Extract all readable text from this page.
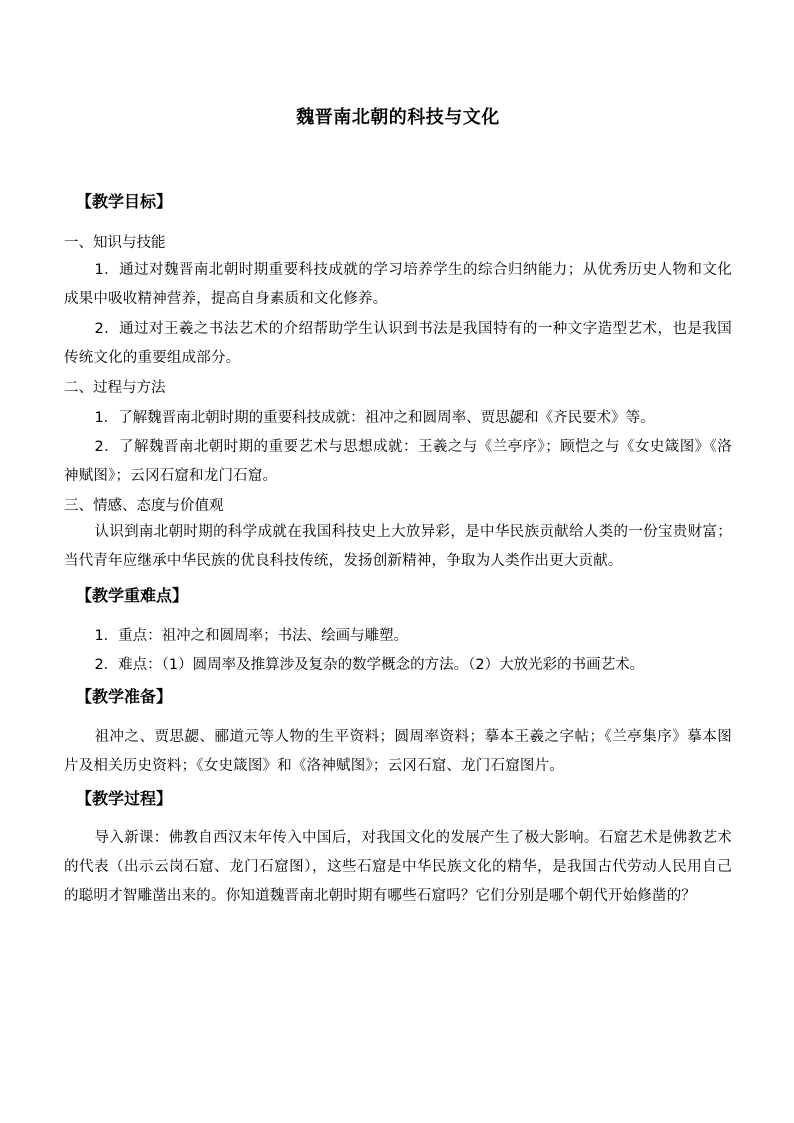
魏晋南北朝的科技与文化
【教学目标】
一、知识与技能
1．通过对魏晋南北朝时期重要科技成就的学习培养学生的综合归纳能力；从优秀历史人物和文化成果中吸收精神营养，提高自身素质和文化修养。
2．通过对王羲之书法艺术的介绍帮助学生认识到书法是我国特有的一种文字造型艺术，也是我国传统文化的重要组成部分。
二、过程与方法
1．了解魏晋南北朝时期的重要科技成就：祖冲之和圆周率、贾思勰和《齐民要术》等。
2．了解魏晋南北朝时期的重要艺术与思想成就：王羲之与《兰亭序》；顾恺之与《女史箴图》《洛神赋图》；云冈石窟和龙门石窟。
三、情感、态度与价值观
认识到南北朝时期的科学成就在我国科技史上大放异彩，是中华民族贡献给人类的一份宝贵财富；当代青年应继承中华民族的优良科技传统，发扬创新精神，争取为人类作出更大贡献。
【教学重难点】
1．重点：祖冲之和圆周率；书法、绘画与雕塑。
2．难点：（1）圆周率及推算涉及复杂的数学概念的方法。（2）大放光彩的书画艺术。
【教学准备】
祖冲之、贾思勰、郦道元等人物的生平资料；圆周率资料；摹本王羲之字帖；《兰亭集序》摹本图片及相关历史资料；《女史箴图》和《洛神赋图》；云冈石窟、龙门石窟图片。
【教学过程】
导入新课：佛教自西汉末年传入中国后，对我国文化的发展产生了极大影响。石窟艺术是佛教艺术的代表（出示云岗石窟、龙门石窟图），这些石窟是中华民族文化的精华，是我国古代劳动人民用自己的聪明才智雕凿出来的。你知道魏晋南北朝时期有哪些石窟吗？它们分别是哪个朝代开始修凿的？
